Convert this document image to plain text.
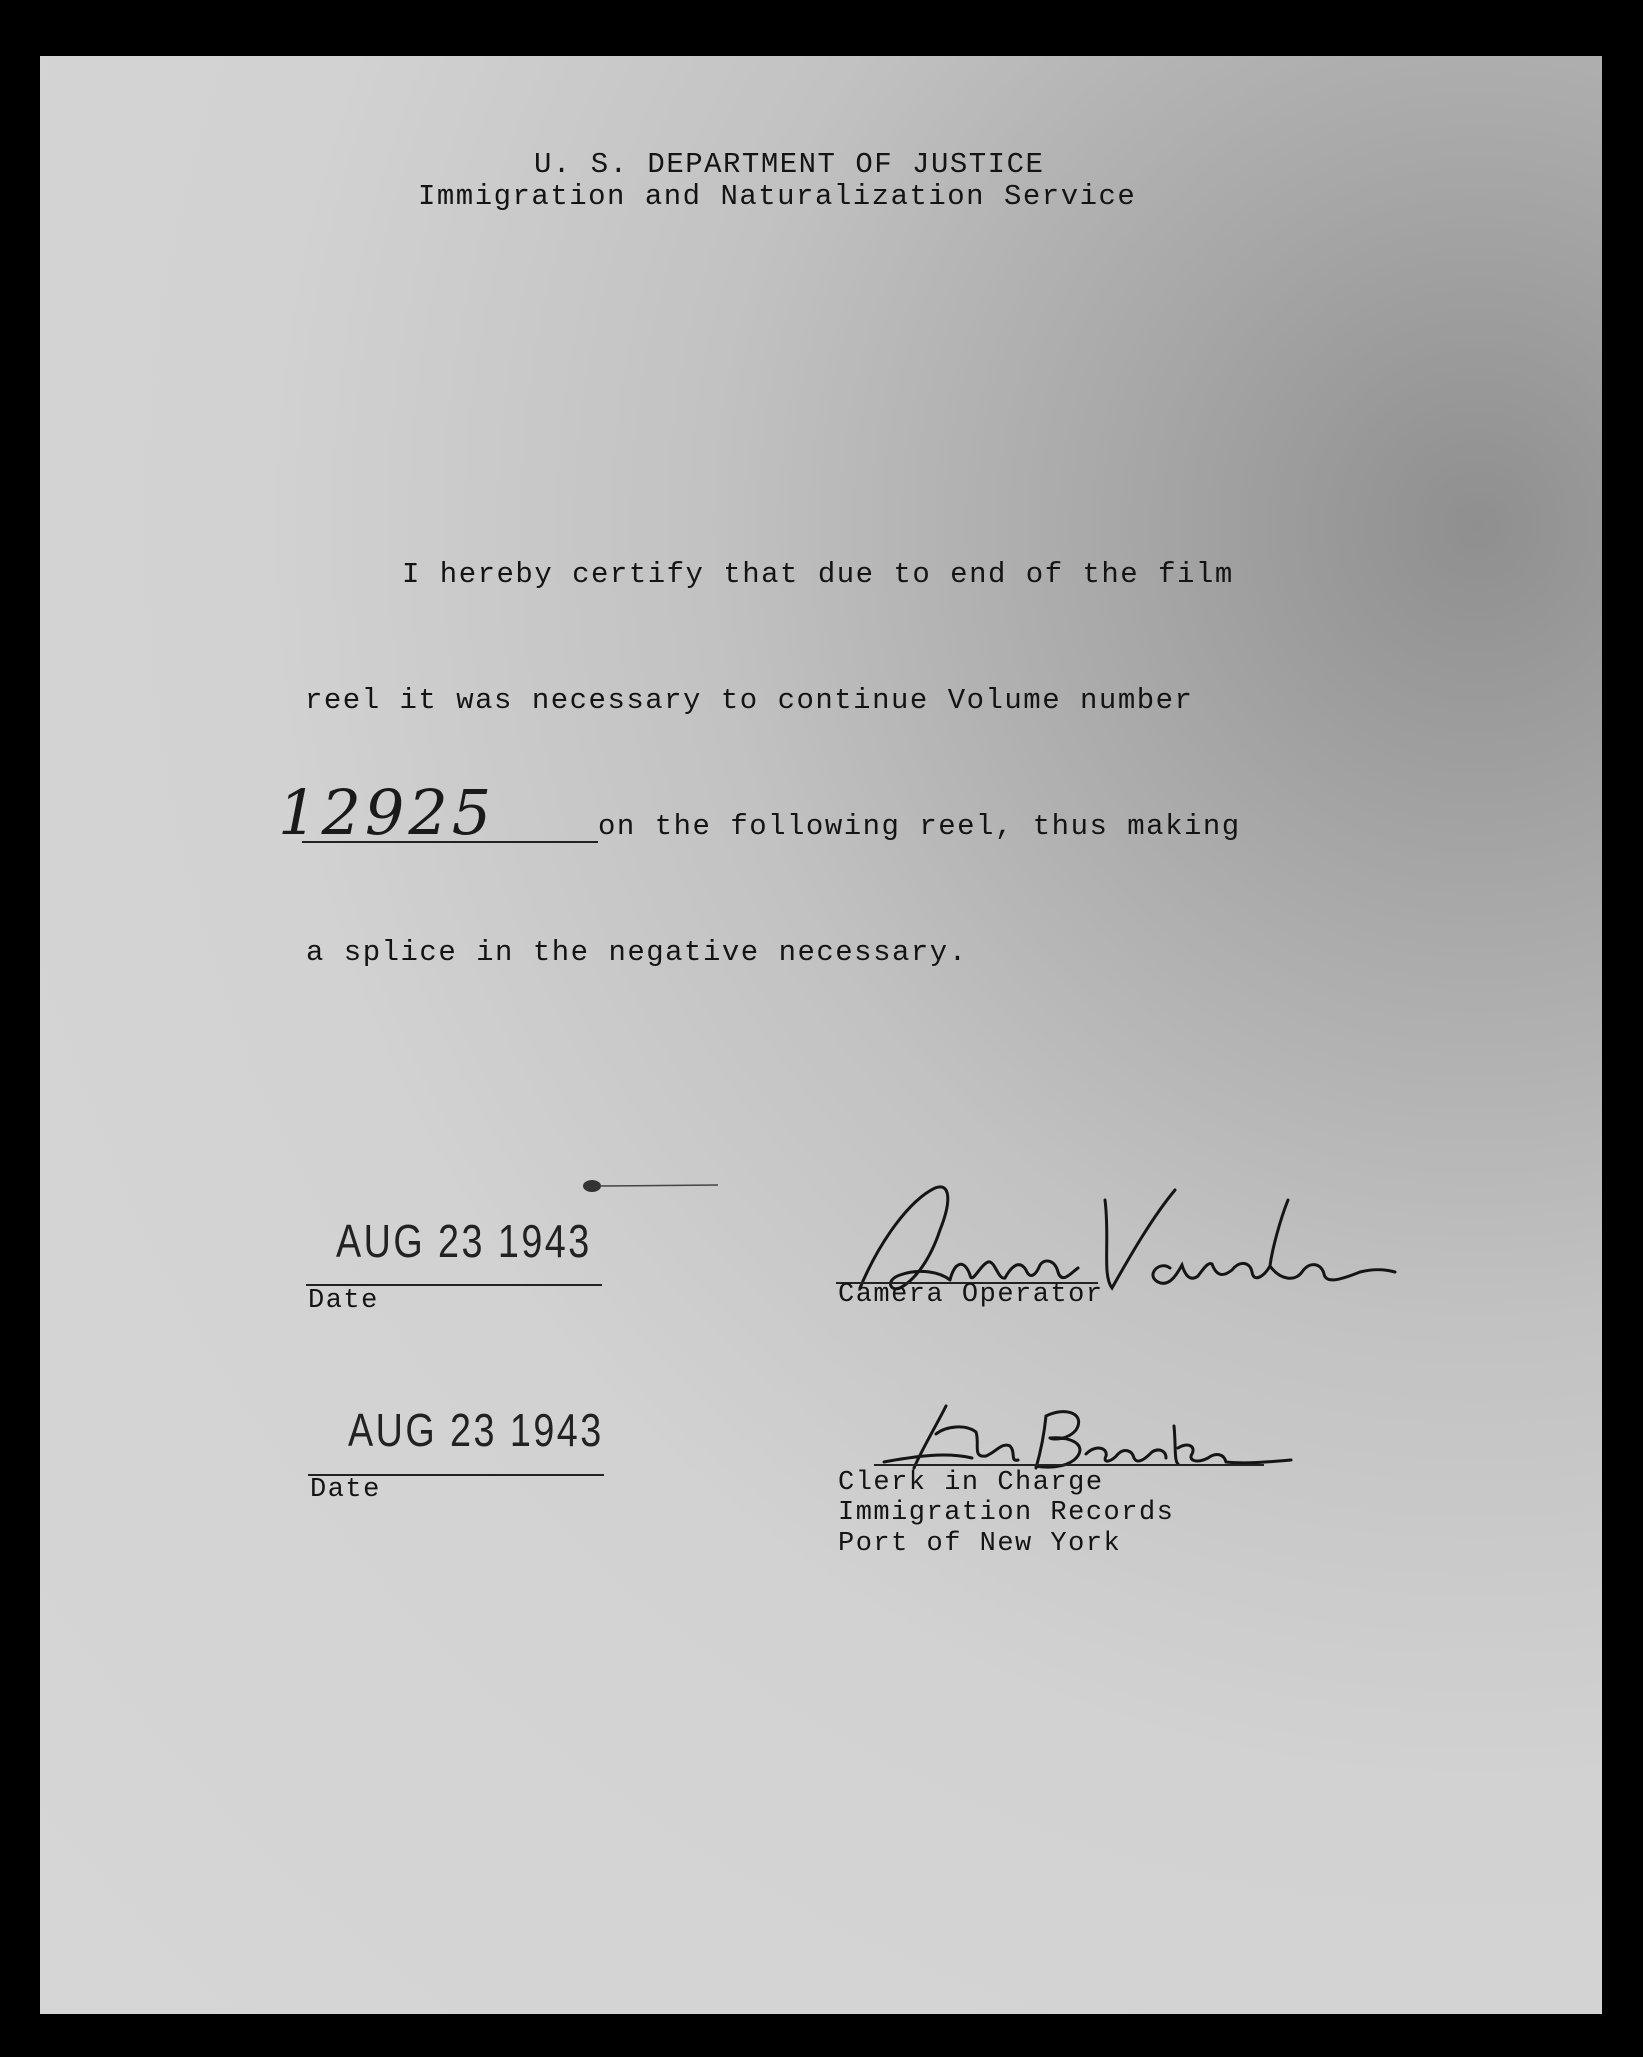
U. S. DEPARTMENT OF JUSTICE
Immigration and Naturalization Service
I hereby certify that due to end of the film
reel it was necessary to continue Volume number
12925	on the following reel, thus making
a splice in the negative necessary.
AUG 23 1943
Date	Camera Operator
AUG 23 1943
Date	Clerk in Charge
Immigration Records
Port of New York
